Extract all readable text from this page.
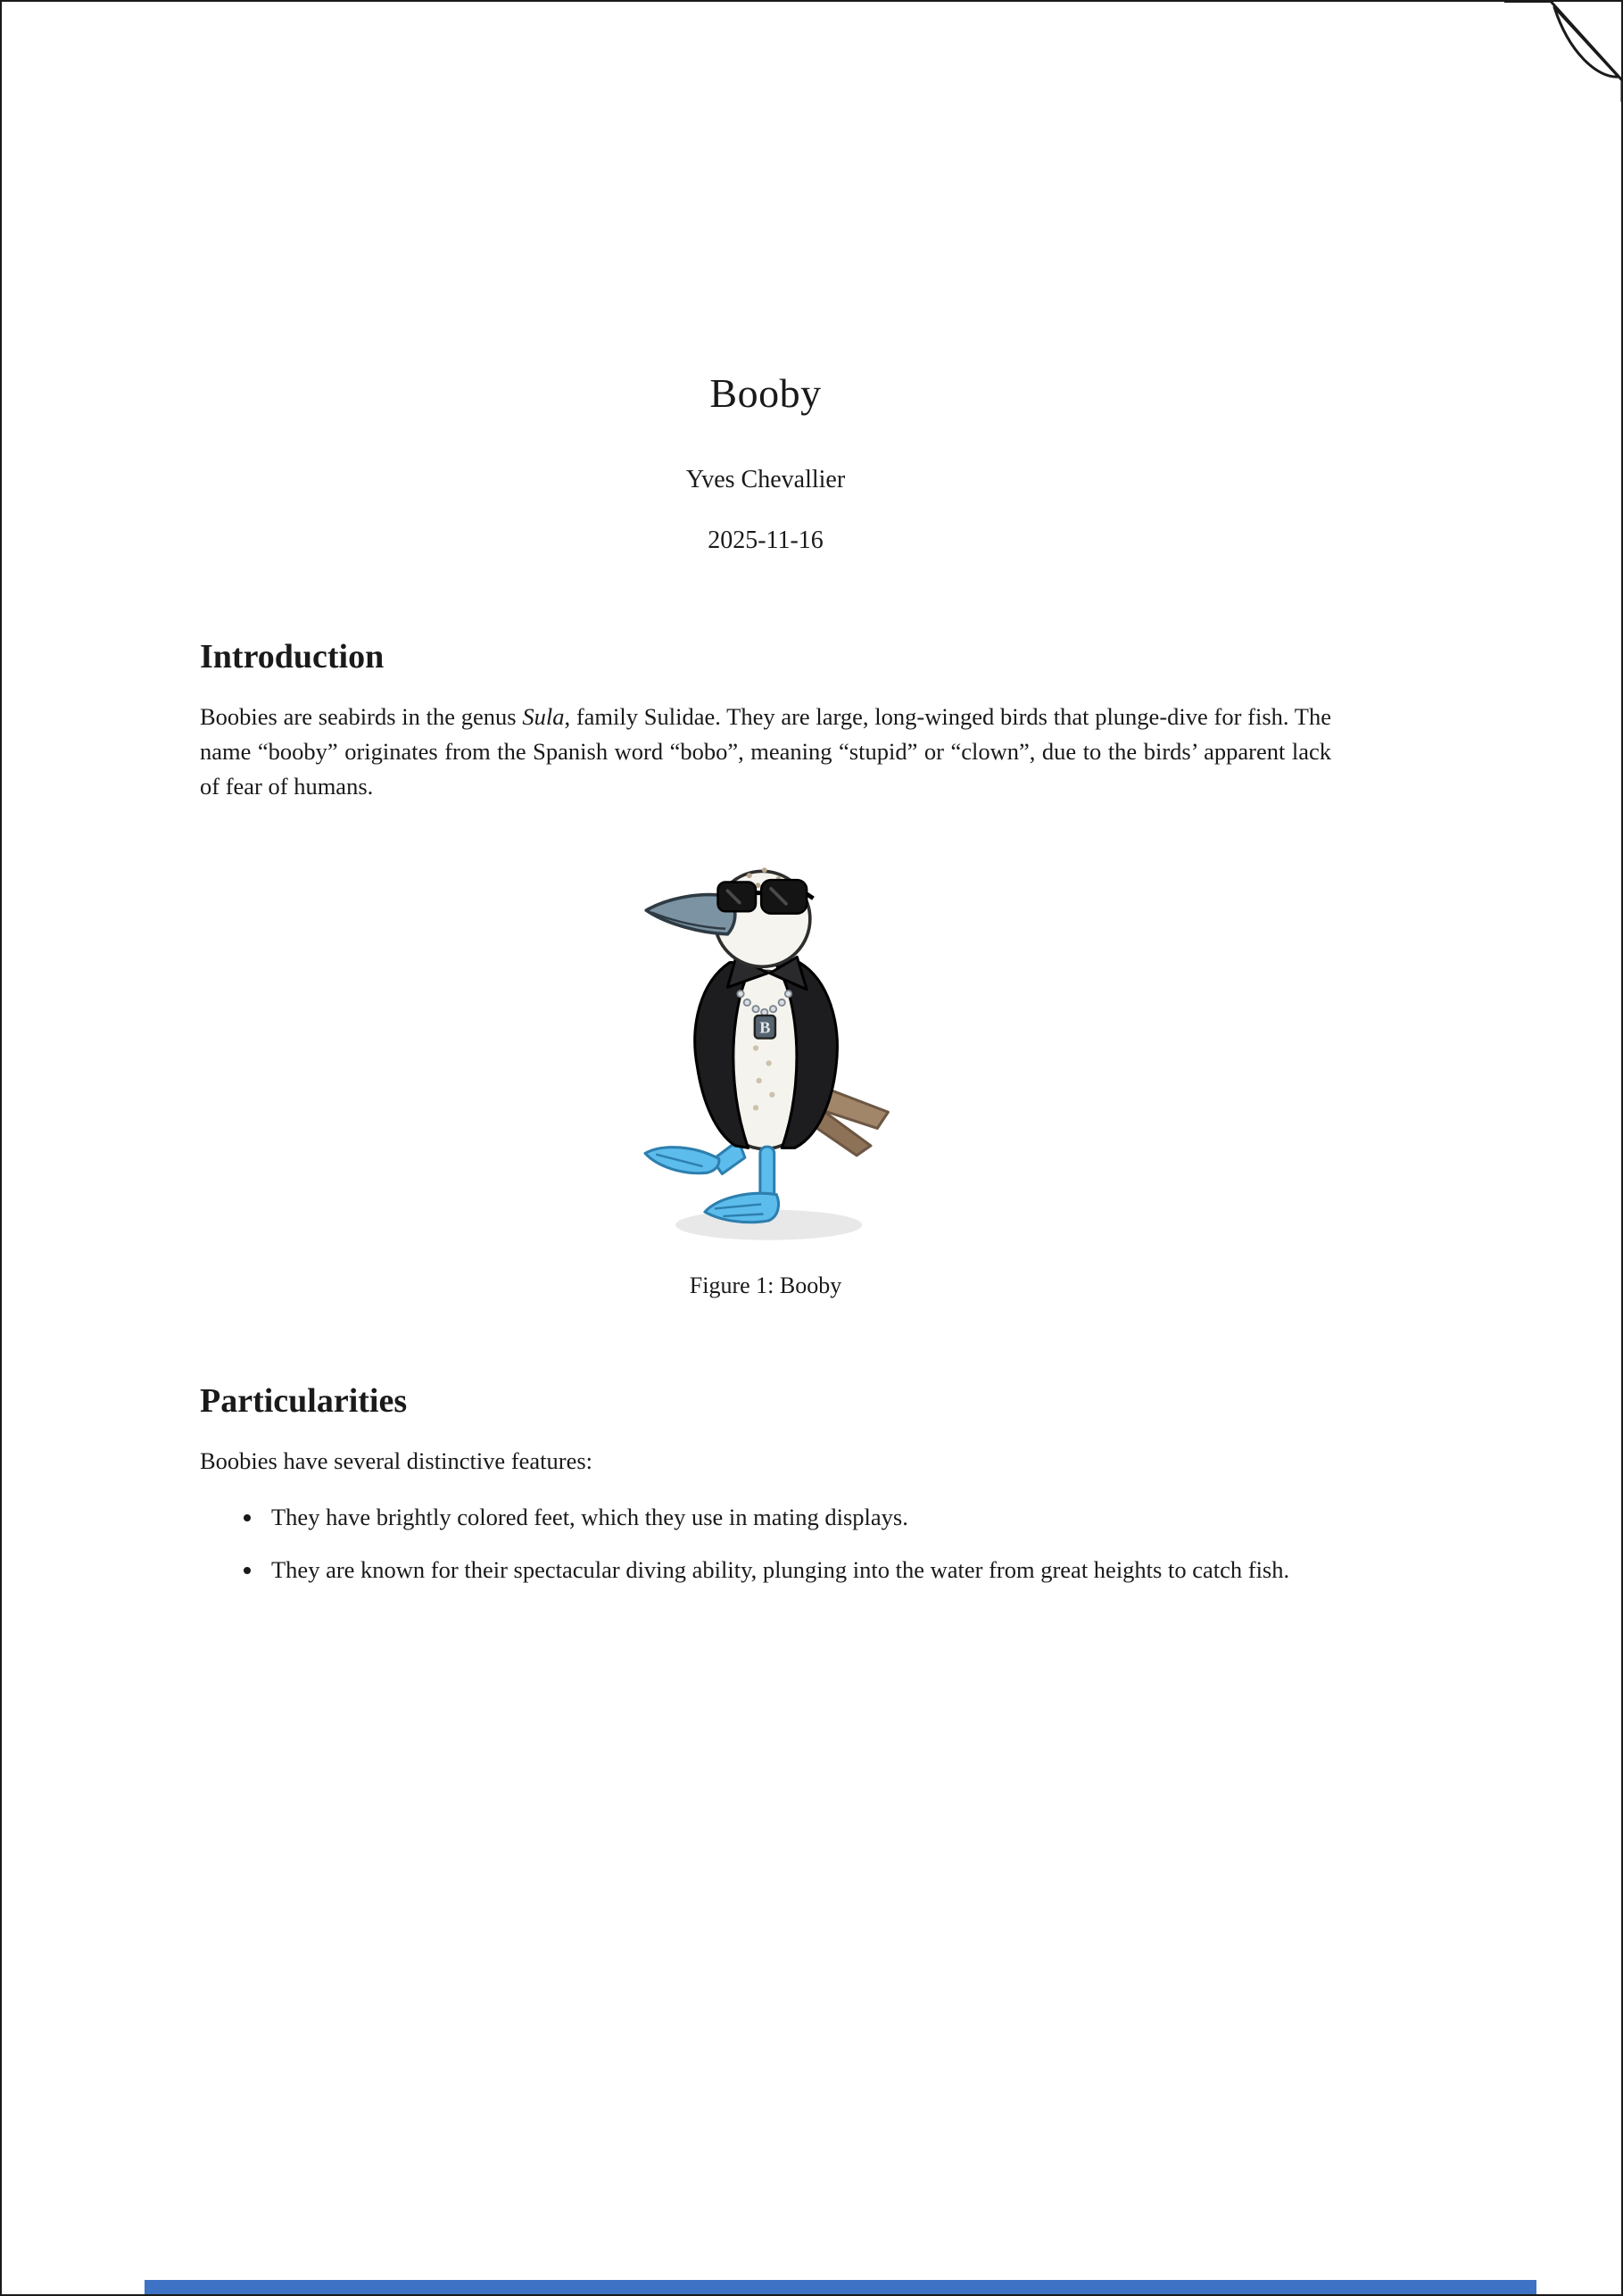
Booby
Yves Chevallier
2025-11-16
Introduction

Boobies are seabirds in the genus Sula, family Sulidae. They are large, long-winged birds that plunge-dive for fish. The name “booby” originates from the Spanish word “bobo”, meaning “stupid” or “clown”, due to the birds’ apparent lack of fear of humans.

B
Figure 1: Booby
Particularities

Boobies have several distinctive features:

• They have brightly colored feet, which they use in mating displays.
• They are known for their spectacular diving ability, plunging into the water from great heights to catch fish.
